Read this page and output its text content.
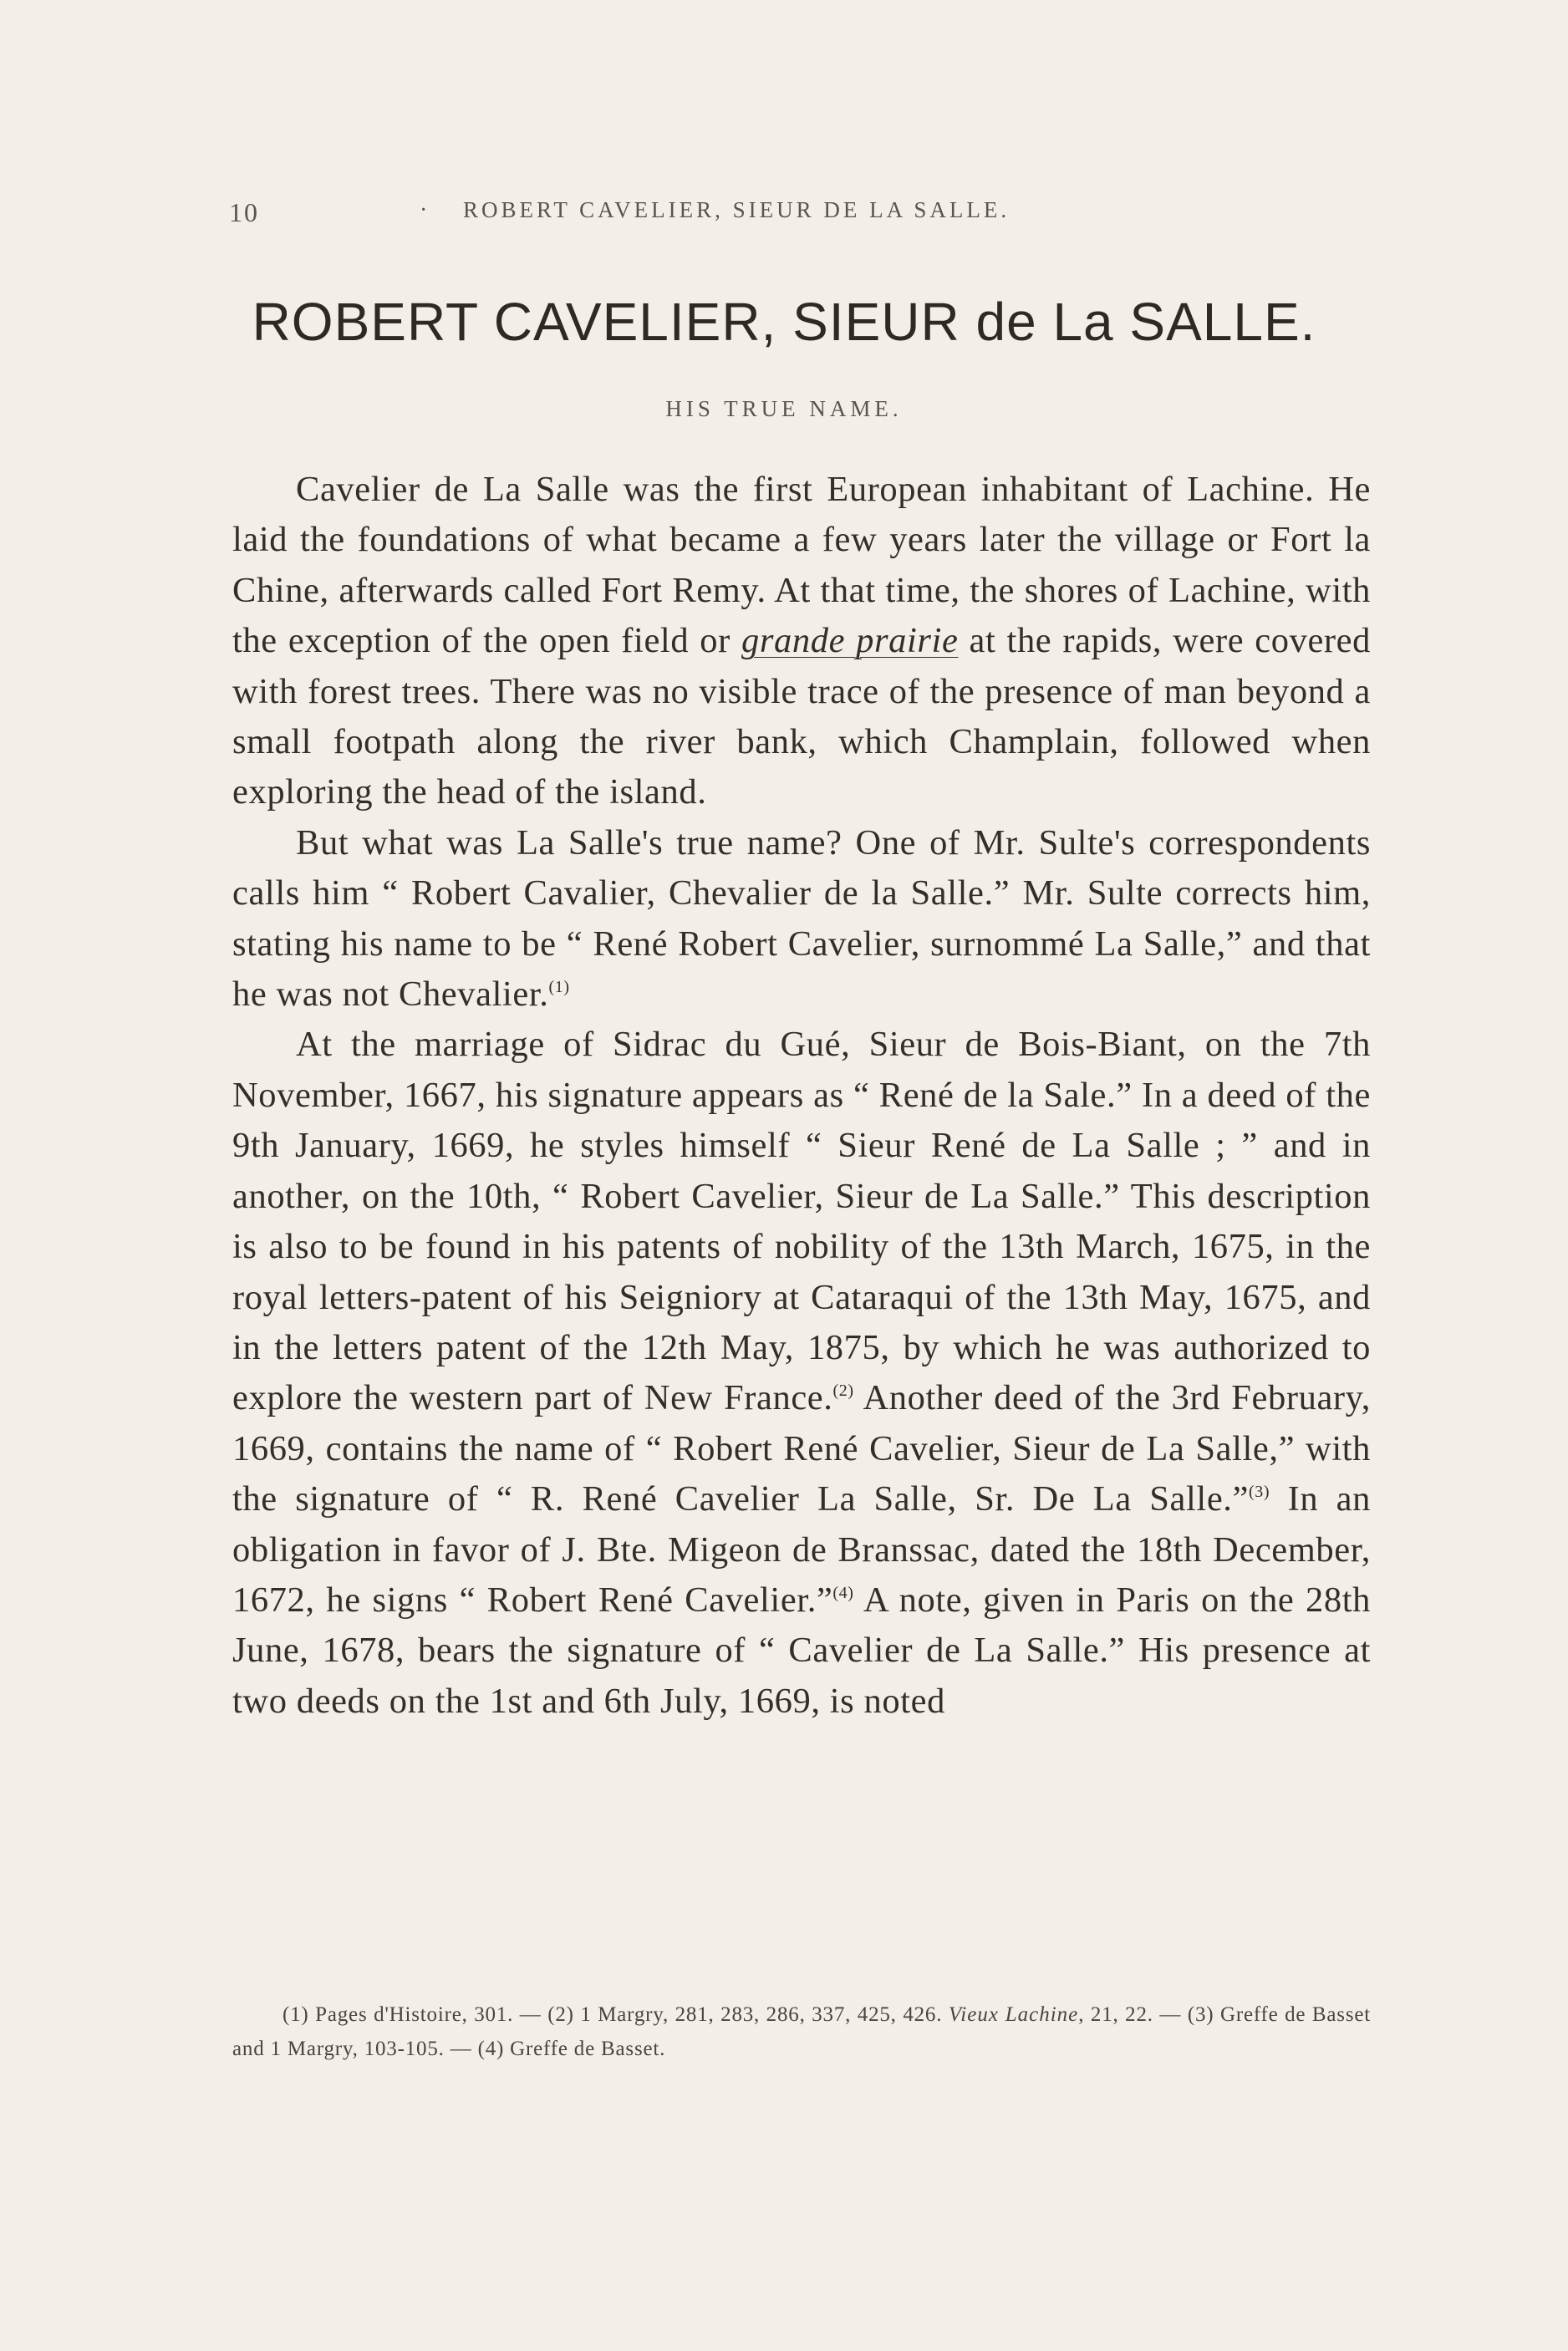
10	· ROBERT CAVELIER, SIEUR DE LA SALLE.
ROBERT CAVELIER, SIEUR de La SALLE.
HIS TRUE NAME.

Cavelier de La Salle was the first European inhabitant of Lachine. He laid the foundations of what became a few years later the village or Fort la Chine, afterwards called Fort Remy. At that time, the shores of Lachine, with the exception of the open field or grande prairie at the rapids, were covered with forest trees. There was no visible trace of the presence of man beyond a small footpath along the river bank, which Champlain, followed when exploring the head of the island.

But what was La Salle's true name? One of Mr. Sulte's correspondents calls him “ Robert Cavalier, Chevalier de la Salle.” Mr. Sulte corrects him, stating his name to be “ René Robert Cavelier, surnommé La Salle,” and that he was not Chevalier.$^{(1)}$

At the marriage of Sidrac du Gué, Sieur de Bois-Biant, on the 7th November, 1667, his signature appears as “ René de la Sale.” In a deed of the 9th January, 1669, he styles himself “ Sieur René de La Salle ; ” and in another, on the 10th, “ Robert Cavelier, Sieur de La Salle.” This description is also to be found in his patents of nobility of the 13th March, 1675, in the royal letters-patent of his Seigniory at Cataraqui of the 13th May, 1675, and in the letters patent of the 12th May, 1875, by which he was authorized to explore the western part of New France.$^{(2)}$ Another deed of the 3rd February, 1669, contains the name of “ Robert René Cavelier, Sieur de La Salle,” with the signature of “ R. René Cavelier La Salle, Sr. De La Salle.”$^{(3)}$ In an obligation in favor of J. Bte. Migeon de Branssac, dated the 18th December, 1672, he signs “ Robert René Cavelier.”$^{(4)}$ A note, given in Paris on the 28th June, 1678, bears the signature of “ Cavelier de La Salle.” His presence at two deeds on the 1st and 6th July, 1669, is noted

(1) Pages d'Histoire, 301. — (2) 1 Margry, 281, 283, 286, 337, 425, 426. Vieux Lachine, 21, 22. — (3) Greffe de Basset and 1 Margry, 103-105. — (4) Greffe de Basset.
